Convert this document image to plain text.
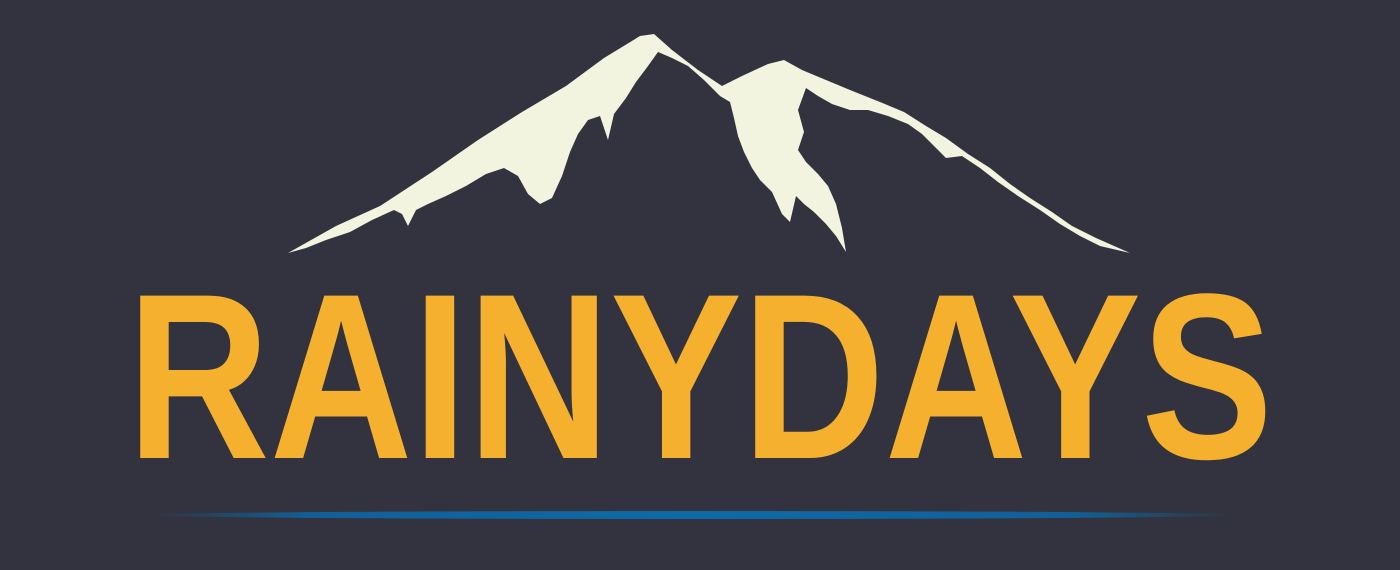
RAINYDAYS
